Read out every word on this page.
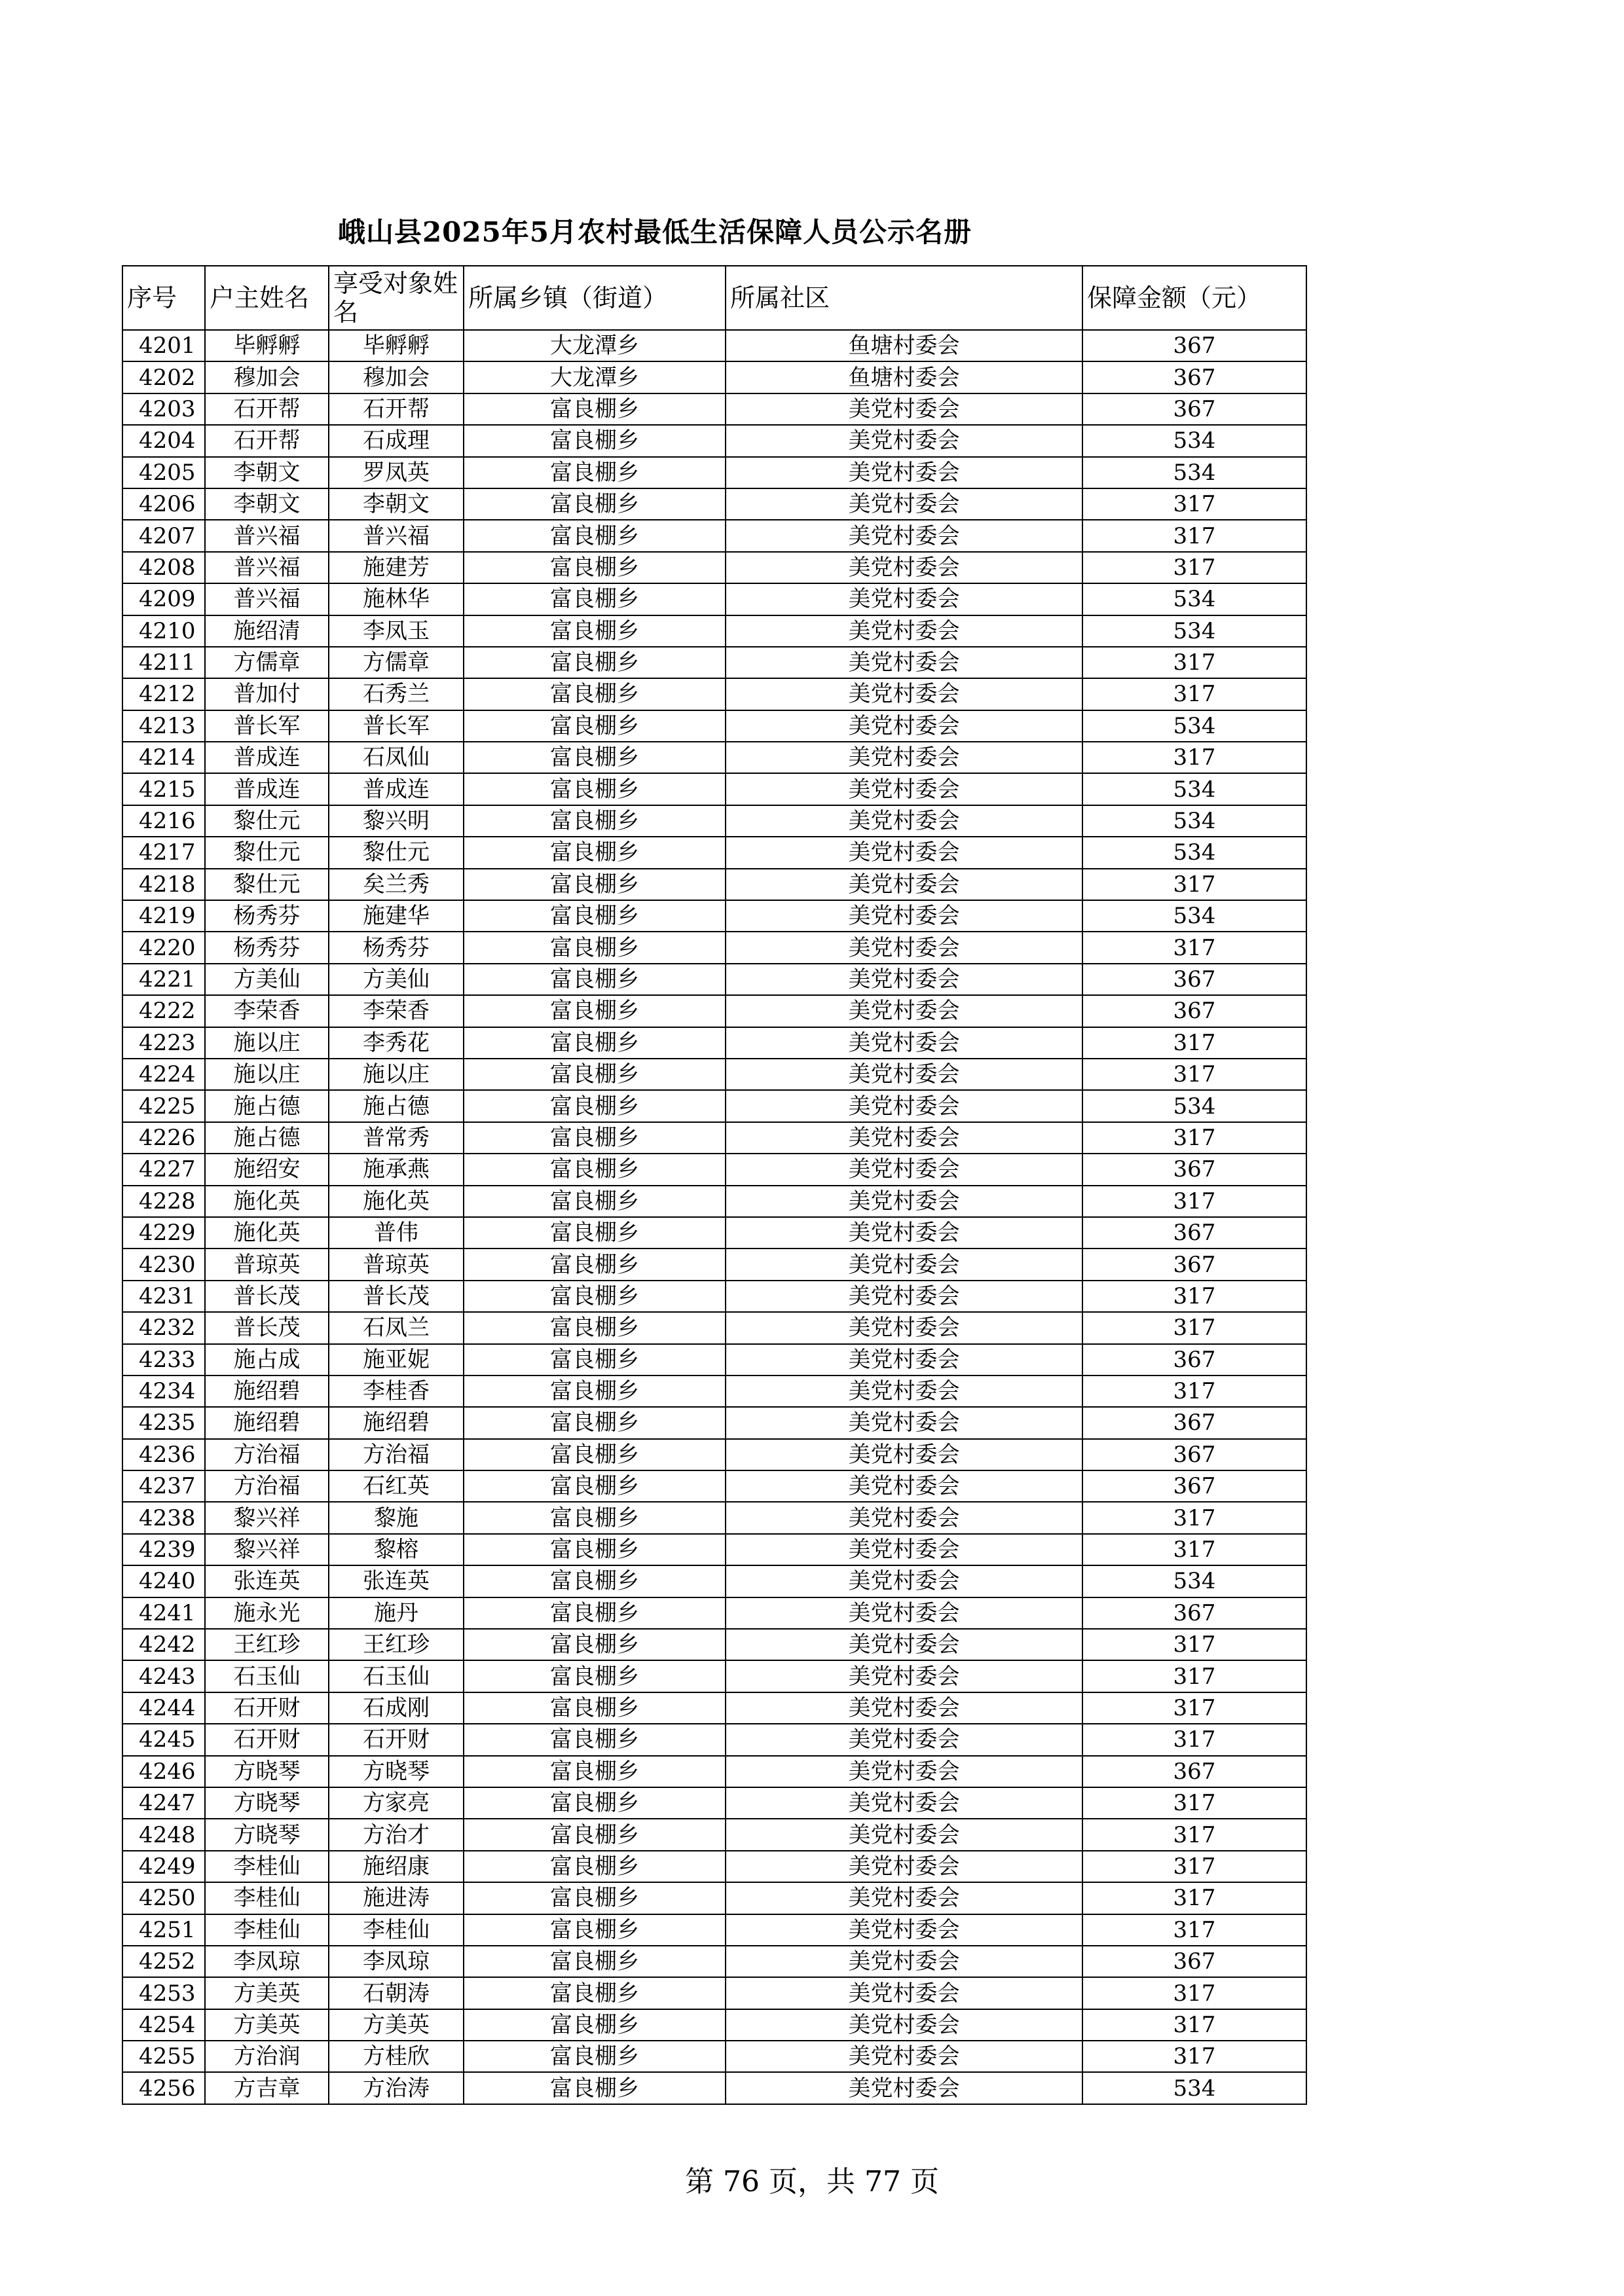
峨山县2025年5月农村最低生活保障人员公示名册
序号	户主姓名	享受对象姓名	所属乡镇（街道）	所属社区	保障金额（元）
4201	毕孵孵	毕孵孵	大龙潭乡	鱼塘村委会	367
4202	穆加会	穆加会	大龙潭乡	鱼塘村委会	367
4203	石开帮	石开帮	富良棚乡	美党村委会	367
4204	石开帮	石成理	富良棚乡	美党村委会	534
4205	李朝文	罗凤英	富良棚乡	美党村委会	534
4206	李朝文	李朝文	富良棚乡	美党村委会	317
4207	普兴福	普兴福	富良棚乡	美党村委会	317
4208	普兴福	施建芳	富良棚乡	美党村委会	317
4209	普兴福	施林华	富良棚乡	美党村委会	534
4210	施绍清	李凤玉	富良棚乡	美党村委会	534
4211	方儒章	方儒章	富良棚乡	美党村委会	317
4212	普加付	石秀兰	富良棚乡	美党村委会	317
4213	普长军	普长军	富良棚乡	美党村委会	534
4214	普成连	石凤仙	富良棚乡	美党村委会	317
4215	普成连	普成连	富良棚乡	美党村委会	534
4216	黎仕元	黎兴明	富良棚乡	美党村委会	534
4217	黎仕元	黎仕元	富良棚乡	美党村委会	534
4218	黎仕元	矣兰秀	富良棚乡	美党村委会	317
4219	杨秀芬	施建华	富良棚乡	美党村委会	534
4220	杨秀芬	杨秀芬	富良棚乡	美党村委会	317
4221	方美仙	方美仙	富良棚乡	美党村委会	367
4222	李荣香	李荣香	富良棚乡	美党村委会	367
4223	施以庄	李秀花	富良棚乡	美党村委会	317
4224	施以庄	施以庄	富良棚乡	美党村委会	317
4225	施占德	施占德	富良棚乡	美党村委会	534
4226	施占德	普常秀	富良棚乡	美党村委会	317
4227	施绍安	施承燕	富良棚乡	美党村委会	367
4228	施化英	施化英	富良棚乡	美党村委会	317
4229	施化英	普伟	富良棚乡	美党村委会	367
4230	普琼英	普琼英	富良棚乡	美党村委会	367
4231	普长茂	普长茂	富良棚乡	美党村委会	317
4232	普长茂	石凤兰	富良棚乡	美党村委会	317
4233	施占成	施亚妮	富良棚乡	美党村委会	367
4234	施绍碧	李桂香	富良棚乡	美党村委会	317
4235	施绍碧	施绍碧	富良棚乡	美党村委会	367
4236	方治福	方治福	富良棚乡	美党村委会	367
4237	方治福	石红英	富良棚乡	美党村委会	367
4238	黎兴祥	黎施	富良棚乡	美党村委会	317
4239	黎兴祥	黎榕	富良棚乡	美党村委会	317
4240	张连英	张连英	富良棚乡	美党村委会	534
4241	施永光	施丹	富良棚乡	美党村委会	367
4242	王红珍	王红珍	富良棚乡	美党村委会	317
4243	石玉仙	石玉仙	富良棚乡	美党村委会	317
4244	石开财	石成刚	富良棚乡	美党村委会	317
4245	石开财	石开财	富良棚乡	美党村委会	317
4246	方晓琴	方晓琴	富良棚乡	美党村委会	367
4247	方晓琴	方家亮	富良棚乡	美党村委会	317
4248	方晓琴	方治才	富良棚乡	美党村委会	317
4249	李桂仙	施绍康	富良棚乡	美党村委会	317
4250	李桂仙	施进涛	富良棚乡	美党村委会	317
4251	李桂仙	李桂仙	富良棚乡	美党村委会	317
4252	李凤琼	李凤琼	富良棚乡	美党村委会	367
4253	方美英	石朝涛	富良棚乡	美党村委会	317
4254	方美英	方美英	富良棚乡	美党村委会	317
4255	方治润	方桂欣	富良棚乡	美党村委会	317
4256	方吉章	方治涛	富良棚乡	美党村委会	534
第 76 页，共 77 页
